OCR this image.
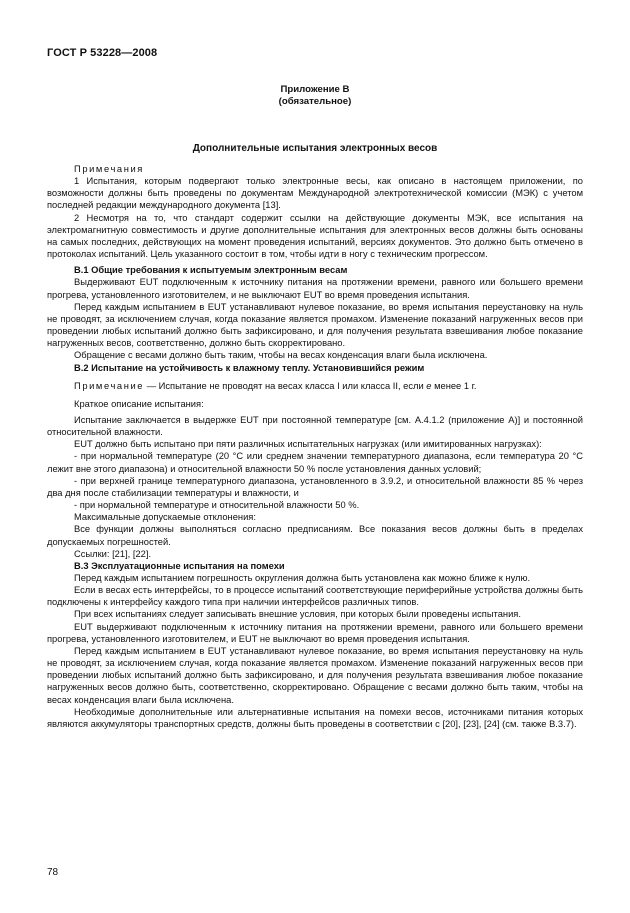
ГОСТ Р 53228—2008
Приложение В
(обязательное)
Дополнительные испытания электронных весов

Примечания

1 Испытания, которым подвергают только электронные весы, как описано в настоящем приложении, по возможности должны быть проведены по документам Международной электротехнической комиссии (МЭК) с учетом последней редакции международного документа [13].

2 Несмотря на то, что стандарт содержит ссылки на действующие документы МЭК, все испытания на электромагнитную совместимость и другие дополнительные испытания для электронных весов должны быть основаны на самых последних, действующих на момент проведения испытаний, версиях документов. Это должно быть отмечено в протоколах испытаний. Цель указанного состоит в том, чтобы идти в ногу с техническим прогрессом.

В.1 Общие требования к испытуемым электронным весам

Выдерживают EUT подключенным к источнику питания на протяжении времени, равного или большего времени прогрева, установленного изготовителем, и не выключают EUT во время проведения испытания.

Перед каждым испытанием в EUT устанавливают нулевое показание, во время испытания переустановку на нуль не проводят, за исключением случая, когда показание является промахом. Изменение показаний нагруженных весов при проведении любых испытаний должно быть зафиксировано, и для получения результата взвешивания любое показание нагруженных весов, соответственно, должно быть скорректировано.

Обращение с весами должно быть таким, чтобы на весах конденсация влаги была исключена.

В.2 Испытание на устойчивость к влажному теплу. Установившийся режим

Примечание — Испытание не проводят на весах класса I или класса II, если e менее 1 г.

Краткое описание испытания:

Испытание заключается в выдержке EUT при постоянной температуре [см. А.4.1.2 (приложение А)] и постоянной относительной влажности.

EUT должно быть испытано при пяти различных испытательных нагрузках (или имитированных нагрузках):

- при нормальной температуре (20 °С или среднем значении температурного диапазона, если температура 20 °С лежит вне этого диапазона) и относительной влажности 50 % после установления данных условий;

- при верхней границе температурного диапазона, установленного в 3.9.2, и относительной влажности 85 % через два дня после стабилизации температуры и влажности, и

- при нормальной температуре и относительной влажности 50 %.

Максимальные допускаемые отклонения:

Все функции должны выполняться согласно предписаниям. Все показания весов должны быть в пределах допускаемых погрешностей.

Ссылки: [21], [22].

В.3 Эксплуатационные испытания на помехи

Перед каждым испытанием погрешность округления должна быть установлена как можно ближе к нулю.

Если в весах есть интерфейсы, то в процессе испытаний соответствующие периферийные устройства должны быть подключены к интерфейсу каждого типа при наличии интерфейсов различных типов.

При всех испытаниях следует записывать внешние условия, при которых были проведены испытания.

EUT выдерживают подключенным к источнику питания на протяжении времени, равного или большего времени прогрева, установленного изготовителем, и EUT не выключают во время проведения испытания.

Перед каждым испытанием в EUT устанавливают нулевое показание, во время испытания переустановку на нуль не проводят, за исключением случая, когда показание является промахом. Изменение показаний нагруженных весов при проведении любых испытаний должно быть зафиксировано, и для получения результата взвешивания любое показание нагруженных весов должно быть, соответственно, скорректировано. Обращение с весами должно быть таким, чтобы на весах конденсация влаги была исключена.

Необходимые дополнительные или альтернативные испытания на помехи весов, источниками питания которых являются аккумуляторы транспортных средств, должны быть проведены в соответствии с [20], [23], [24] (см. также В.3.7).

78
